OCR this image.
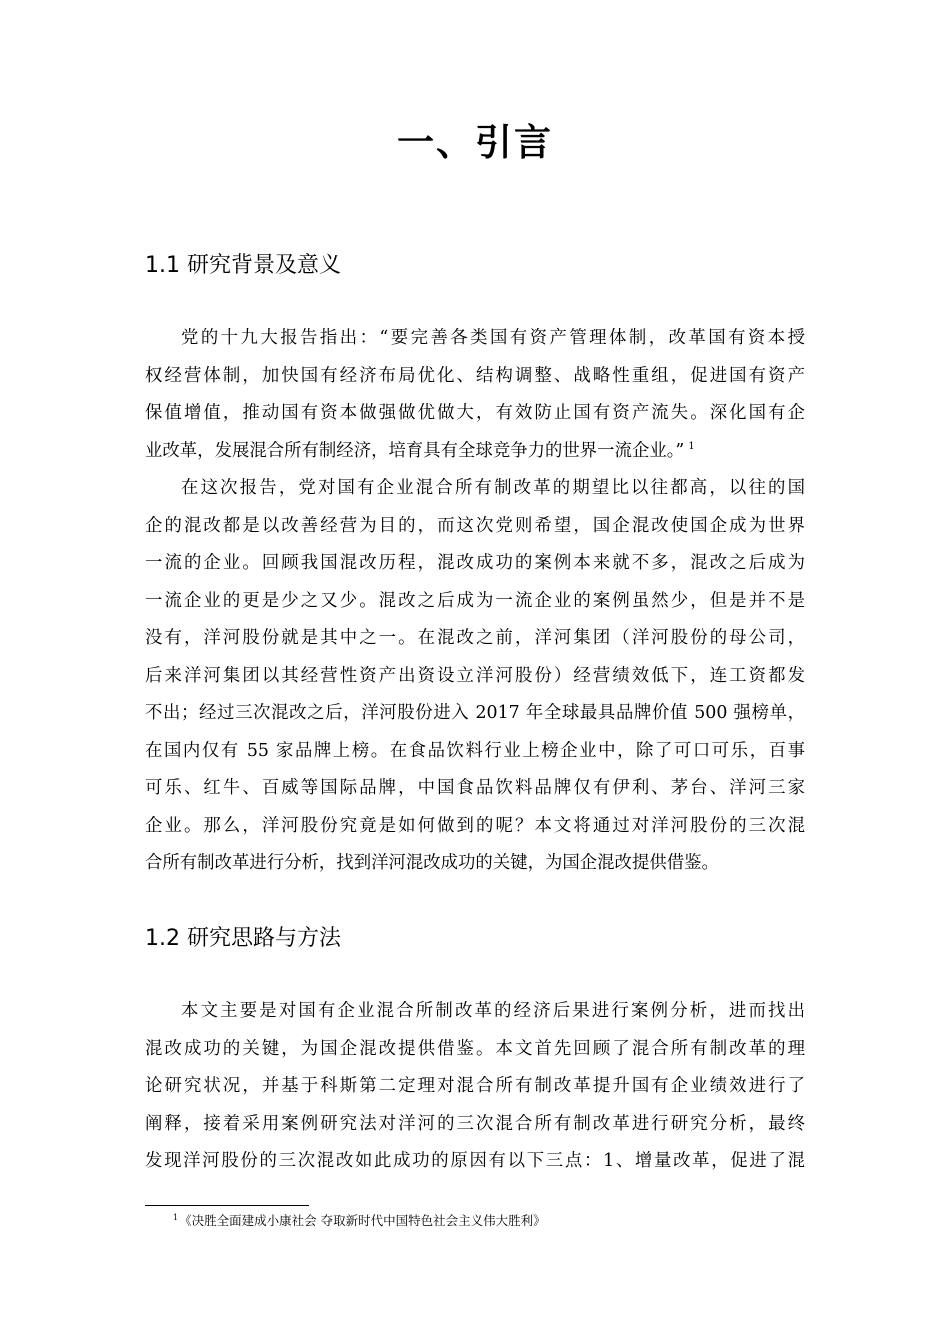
一、引言
1.1 研究背景及意义
党的十九大报告指出：“要完善各类国有资产管理体制，改革国有资本授
权经营体制，加快国有经济布局优化、结构调整、战略性重组，促进国有资产
保值增值，推动国有资本做强做优做大，有效防止国有资产流失。深化国有企
业改革，发展混合所有制经济，培育具有全球竞争力的世界一流企业。” $^1$
在这次报告，党对国有企业混合所有制改革的期望比以往都高，以往的国
企的混改都是以改善经营为目的，而这次党则希望，国企混改使国企成为世界
一流的企业。回顾我国混改历程，混改成功的案例本来就不多，混改之后成为
一流企业的更是少之又少。混改之后成为一流企业的案例虽然少，但是并不是
没有，洋河股份就是其中之一。在混改之前，洋河集团（洋河股份的母公司，
后来洋河集团以其经营性资产出资设立洋河股份）经营绩效低下，连工资都发
不出；经过三次混改之后，洋河股份进入 2017 年全球最具品牌价值 500 强榜单，
在国内仅有 55 家品牌上榜。在食品饮料行业上榜企业中，除了可口可乐，百事
可乐、红牛、百威等国际品牌，中国食品饮料品牌仅有伊利、茅台、洋河三家
企业。那么，洋河股份究竟是如何做到的呢？本文将通过对洋河股份的三次混
合所有制改革进行分析，找到洋河混改成功的关键，为国企混改提供借鉴。
1.2 研究思路与方法
本文主要是对国有企业混合所制改革的经济后果进行案例分析，进而找出
混改成功的关键，为国企混改提供借鉴。本文首先回顾了混合所有制改革的理
论研究状况，并基于科斯第二定理对混合所有制改革提升国有企业绩效进行了
阐释，接着采用案例研究法对洋河的三次混合所有制改革进行研究分析，最终
发现洋河股份的三次混改如此成功的原因有以下三点：1、增量改革，促进了混
$^1$《决胜全面建成小康社会 夺取新时代中国特色社会主义伟大胜利》
